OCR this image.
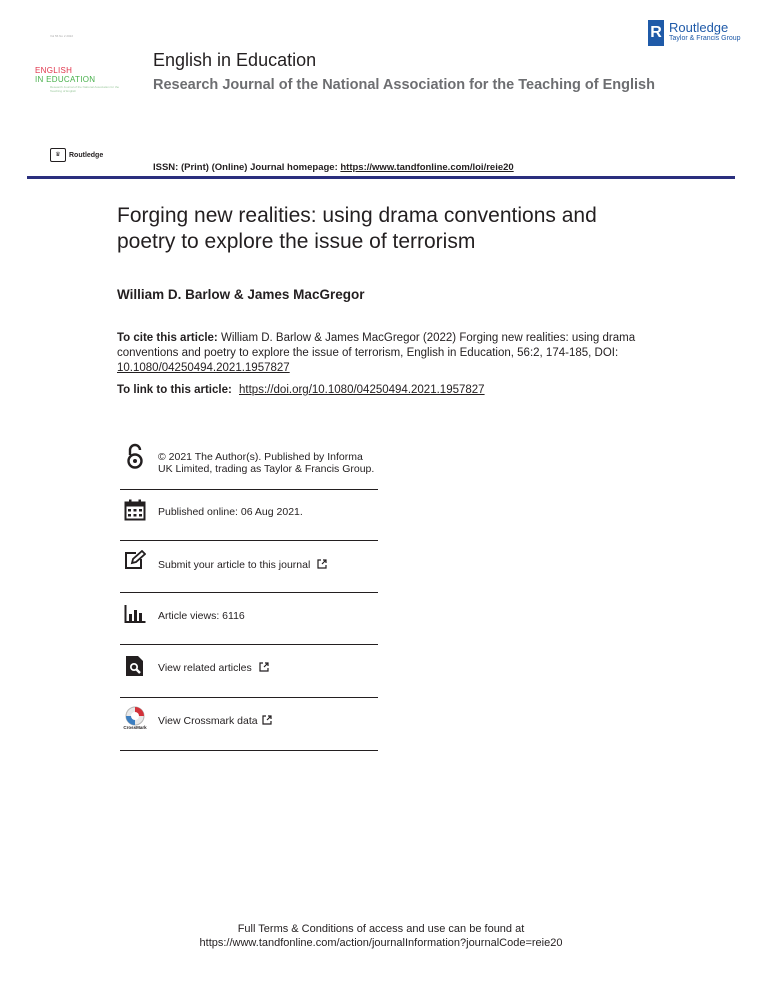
Vol 56 No 2 2022
ENGLISH
IN EDUCATION
Research Journal of the National Association for the Teaching of English
♛	Routledge
English in Education
Research Journal of the National Association for the Teaching of English
R Routledge
Taylor & Francis Group
ISSN: (Print) (Online) Journal homepage: https://www.tandfonline.com/loi/reie20
Forging new realities: using drama conventions and poetry to explore the issue of terrorism
William D. Barlow & James MacGregor
To cite this article: William D. Barlow & James MacGregor (2022) Forging new realities: using drama conventions and poetry to explore the issue of terrorism, English in Education, 56:2, 174-185, DOI: 10.1080/04250494.2021.1957827
To link to this article: https://doi.org/10.1080/04250494.2021.1957827
© 2021 The Author(s). Published by Informa UK Limited, trading as Taylor & Francis Group.
Published online: 06 Aug 2021.
Submit your article to this journal
Article views: 6116
View related articles
CrossMark
View Crossmark data
Full Terms & Conditions of access and use can be found at
https://www.tandfonline.com/action/journalInformation?journalCode=reie20
